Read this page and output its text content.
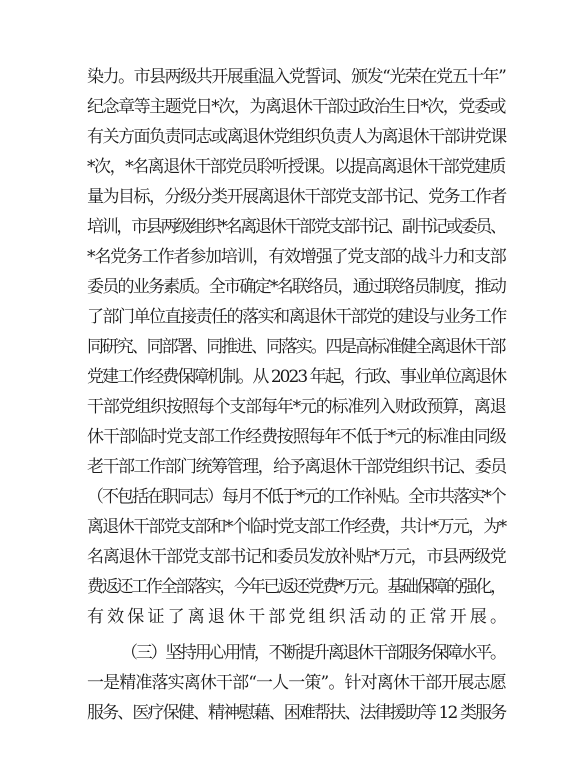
染力。市县两级共开展重温入党誓词、颁发“光荣在党五十年”
纪念章等主题党日*次，为离退休干部过政治生日*次，党委或
有关方面负责同志或离退休党组织负责人为离退休干部讲党课
*次，*名离退休干部党员聆听授课。以提高离退休干部党建质
量为目标，分级分类开展离退休干部党支部书记、党务工作者
培训，市县两级组织*名离退休干部党支部书记、副书记或委员、
*名党务工作者参加培训，有效增强了党支部的战斗力和支部
委员的业务素质。全市确定*名联络员，通过联络员制度，推动
了部门单位直接责任的落实和离退休干部党的建设与业务工作
同研究、同部署、同推进、同落实。四是高标准健全离退休干部
党建工作经费保障机制。从 2023 年起，行政、事业单位离退休
干部党组织按照每个支部每年*元的标准列入财政预算，离退
休干部临时党支部工作经费按照每年不低于*元的标准由同级
老干部工作部门统筹管理，给予离退休干部党组织书记、委员
（不包括在职同志）每月不低于*元的工作补贴。全市共落实*个
离退休干部党支部和*个临时党支部工作经费，共计*万元，为*
名离退休干部党支部书记和委员发放补贴*万元，市县两级党
费返还工作全部落实，今年已返还党费*万元。基础保障的强化，
有效保证了离退休干部党组织活动的正常开展。
（三）坚持用心用情，不断提升离退休干部服务保障水平。
一是精准落实离休干部“一人一策”。针对离休干部开展志愿
服务、医疗保健、精神慰藉、困难帮扶、法律援助等 12 类服务
